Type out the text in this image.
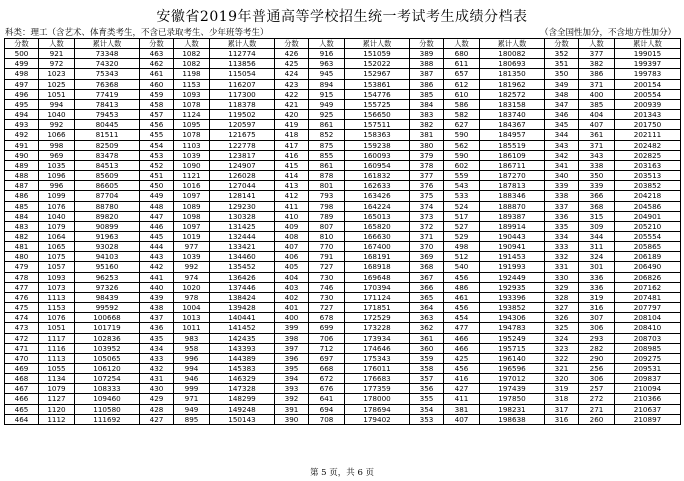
安徽省2019年普通高等学校招生统一考试考生成绩分档表
科类：理工（含艺术、体育类考生，不含已录取考生、少年班等考生）	（含全国性加分，不含地方性加分）
分数	人数	累计人数	分数	人数	累计人数	分数	人数	累计人数	分数	人数	累计人数	分数	人数	累计人数
500	921	73348	463	1082	112774	426	916	151059	389	680	180082	352	377	199015
499	972	74320	462	1082	113856	425	963	152022	388	611	180693	351	382	199397
498	1023	75343	461	1198	115054	424	945	152967	387	657	181350	350	386	199783
497	1025	76368	460	1153	116207	423	894	153861	386	612	181962	349	371	200154
496	1051	77419	459	1093	117300	422	915	154776	385	610	182572	348	400	200554
495	994	78413	458	1078	118378	421	949	155725	384	586	183158	347	385	200939
494	1040	79453	457	1124	119502	420	925	156650	383	582	183740	346	404	201343
493	992	80445	456	1095	120597	419	861	157511	382	627	184367	345	407	201750
492	1066	81511	455	1078	121675	418	852	158363	381	590	184957	344	361	202111
491	998	82509	454	1103	122778	417	875	159238	380	562	185519	343	371	202482
490	969	83478	453	1039	123817	416	855	160093	379	590	186109	342	343	202825
489	1035	84513	452	1090	124907	415	861	160954	378	602	186711	341	338	203163
488	1096	85609	451	1121	126028	414	878	161832	377	559	187270	340	350	203513
487	996	86605	450	1016	127044	413	801	162633	376	543	187813	339	339	203852
486	1099	87704	449	1097	128141	412	793	163426	375	533	188346	338	366	204218
485	1076	88780	448	1089	129230	411	798	164224	374	524	188870	337	368	204586
484	1040	89820	447	1098	130328	410	789	165013	373	517	189387	336	315	204901
483	1079	90899	446	1097	131425	409	807	165820	372	527	189914	335	309	205210
482	1064	91963	445	1019	132444	408	810	166630	371	529	190443	334	344	205554
481	1065	93028	444	977	133421	407	770	167400	370	498	190941	333	311	205865
480	1075	94103	443	1039	134460	406	791	168191	369	512	191453	332	324	206189
479	1057	95160	442	992	135452	405	727	168918	368	540	191993	331	301	206490
478	1093	96253	441	974	136426	404	730	169648	367	456	192449	330	336	206826
477	1073	97326	440	1020	137446	403	746	170394	366	486	192935	329	336	207162
476	1113	98439	439	978	138424	402	730	171124	365	461	193396	328	319	207481
475	1153	99592	438	1004	139428	401	727	171851	364	456	193852	327	316	207797
474	1076	100668	437	1013	140441	400	678	172529	363	454	194306	326	307	208104
473	1051	101719	436	1011	141452	399	699	173228	362	477	194783	325	306	208410
472	1117	102836	435	983	142435	398	706	173934	361	466	195249	324	293	208703
471	1116	103952	434	958	143393	397	712	174646	360	466	195715	323	282	208985
470	1113	105065	433	996	144389	396	697	175343	359	425	196140	322	290	209275
469	1055	106120	432	994	145383	395	668	176011	358	456	196596	321	256	209531
468	1134	107254	431	946	146329	394	672	176683	357	416	197012	320	306	209837
467	1079	108333	430	999	147328	393	676	177359	356	427	197439	319	257	210094
466	1127	109460	429	971	148299	392	641	178000	355	411	197850	318	272	210366
465	1120	110580	428	949	149248	391	694	178694	354	381	198231	317	271	210637
464	1112	111692	427	895	150143	390	708	179402	353	407	198638	316	260	210897
第 5 页，共 6 页
